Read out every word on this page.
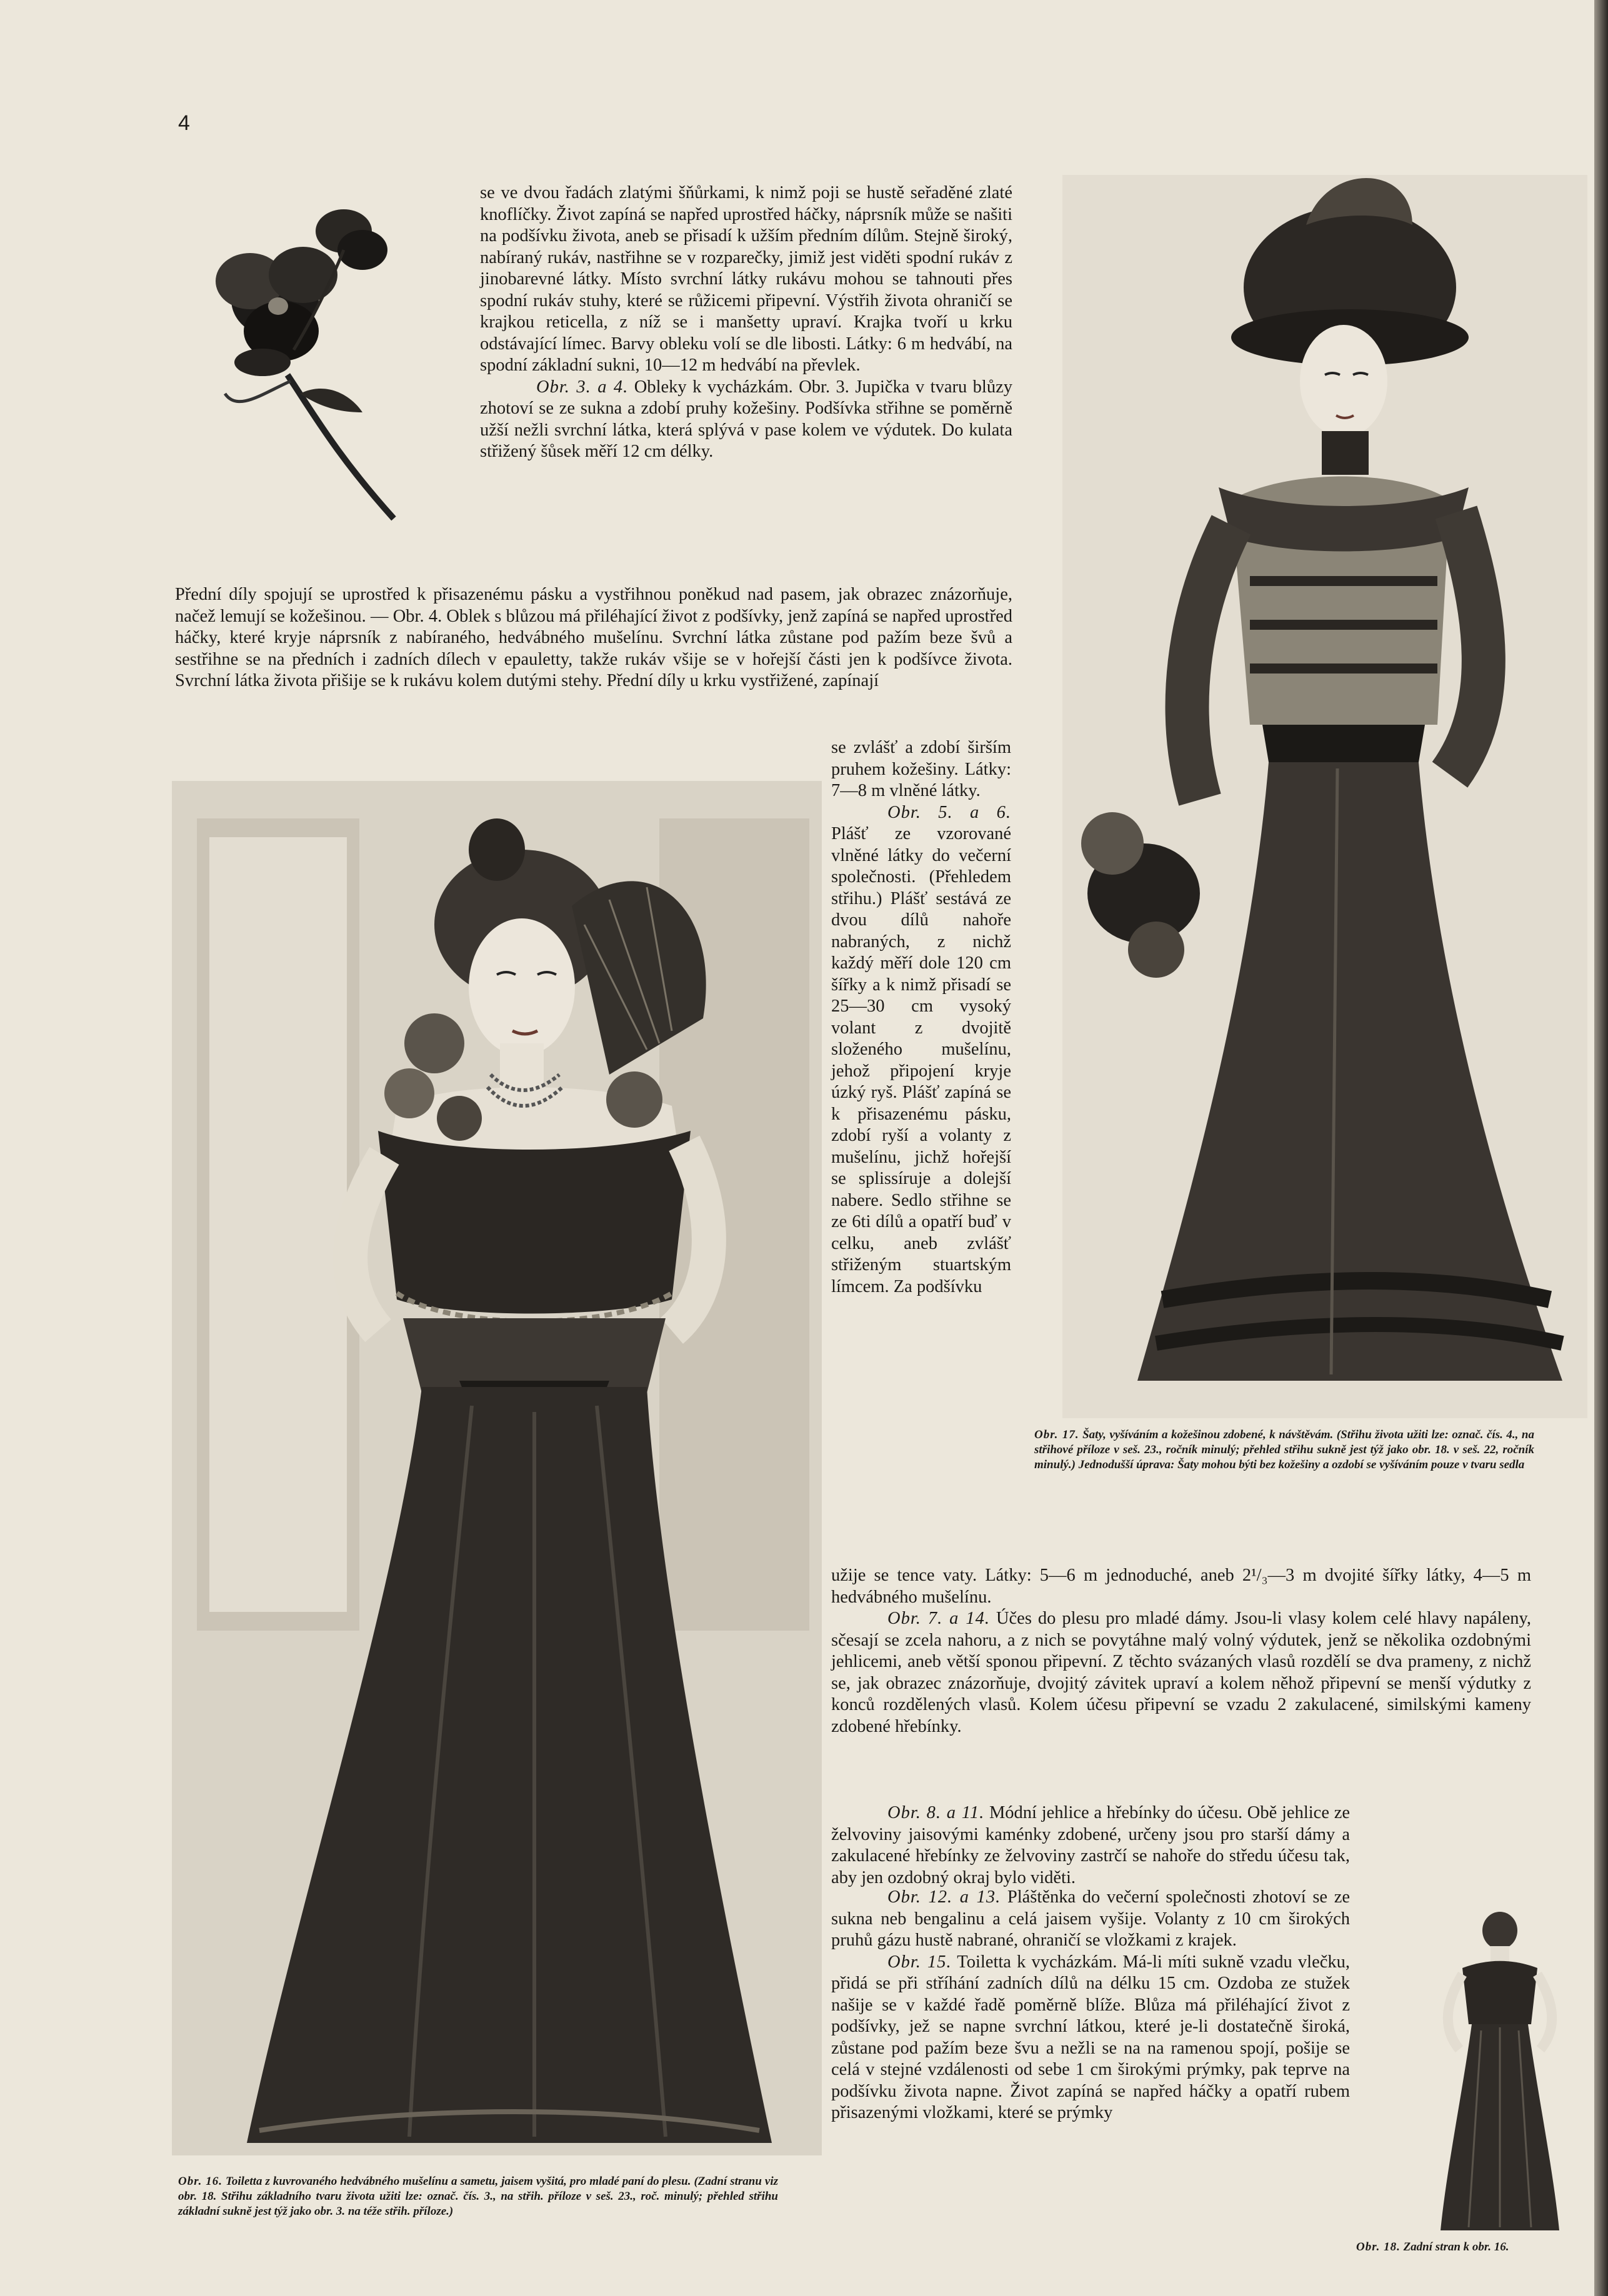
4

se ve dvou řadách zlatými šňůrkami, k nimž poji se hustě seřaděné zlaté knoflíčky. Život zapíná se napřed uprostřed háčky, náprsník může se našiti na podšívku života, aneb se přisadí k užším předním dílům. Stejně široký, nabíraný rukáv, nastřihne se v rozparečky, jimiž jest viděti spodní rukáv z jinobarevné látky. Místo svrchní látky rukávu mohou se tahnouti přes spodní rukáv stuhy, které se růžicemi připevní. Výstřih života ohraničí se krajkou reticella, z níž se i manšetty upraví. Krajka tvoří u krku odstávající límec. Barvy obleku volí se dle libosti. Látky: 6 m hedvábí, na spodní základní sukni, 10—12 m hedvábí na převlek.

Obr. 3. a 4. Obleky k vycházkám. Obr. 3. Jupička v tvaru blůzy zhotoví se ze sukna a zdobí pruhy kožešiny. Podšívka střihne se poměrně užší nežli svrchní látka, která splývá v pase kolem ve výdutek. Do kulata střižený šůsek měří 12 cm délky.

Přední díly spojují se uprostřed k přisazenému pásku a vystřihnou poněkud nad pasem, jak obrazec znázorňuje, načež lemují se kožešinou. — Obr. 4. Oblek s blůzou má přiléhající život z podšívky, jenž zapíná se napřed uprostřed háčky, které kryje náprsník z nabíraného, hedvábného mušelínu. Svrchní látka zůstane pod pažím beze švů a sestřihne se na předních i zadních dílech v epauletty, takže rukáv všije se v hořejší části jen k podšívce života. Svrchní látka života přišije se k rukávu kolem dutými stehy. Přední díly u krku vystřižené, zapínají

se zvlášť a zdobí širším pruhem kožešiny. Látky: 7—8 m vlněné látky.

Obr. 5. a 6. Plášť ze vzorované vlněné látky do večerní společnosti. (Přehledem střihu.) Plášť sestává ze dvou dílů nahoře nabraných, z nichž každý měří dole 120 cm šířky a k nimž přisadí se 25—30 cm vysoký volant z dvojitě složeného mušelínu, jehož připojení kryje úzký ryš. Plášť zapíná se k přisazenému pásku, zdobí ryší a volanty z mušelínu, jichž hořejší se splissíruje a dolejší nabere. Sedlo střihne se ze 6ti dílů a opatří buď v celku, aneb zvlášť střiženým stuartským límcem. Za podšívku

Obr. 17. Šaty, vyšíváním a kožešinou zdobené, k návštěvám. (Střihu života užiti lze: označ. čís. 4., na střihové příloze v seš. 23., ročník minulý; přehled střihu sukně jest týž jako obr. 18. v seš. 22, ročník minulý.) Jednodušší úprava: Šaty mohou býti bez kožešiny a ozdobí se vyšíváním pouze v tvaru sedla

užije se tence vaty. Látky: 5—6 m jednoduché, aneb 2¹/₃—3 m dvojité šířky látky, 4—5 m hedvábného mušelínu.

Obr. 7. a 14. Účes do plesu pro mladé dámy. Jsou-li vlasy kolem celé hlavy napáleny, sčesají se zcela nahoru, a z nich se povytáhne malý volný výdutek, jenž se několika ozdobnými jehlicemi, aneb větší sponou připevní. Z těchto svázaných vlasů rozdělí se dva prameny, z nichž se, jak obrazec znázorňuje, dvojitý závitek upraví a kolem něhož připevní se menší výdutky z konců rozdělených vlasů. Kolem účesu připevní se vzadu 2 zakulacené, similskými kameny zdobené hřebínky.

Obr. 8. a 11. Módní jehlice a hřebínky do účesu. Obě jehlice ze želvoviny jaisovými kaménky zdobené, určeny jsou pro starší dámy a zakulacené hřebínky ze želvoviny zastrčí se nahoře do středu účesu tak, aby jen ozdobný okraj bylo viděti.

Obr. 12. a 13. Pláštěnka do večerní společnosti zhotoví se ze sukna neb bengalinu a celá jaisem vyšije. Volanty z 10 cm širokých pruhů gázu hustě nabrané, ohraničí se vložkami z krajek.

Obr. 15. Toiletta k vycházkám. Má-li míti sukně vzadu vlečku, přidá se při stříhání zadních dílů na délku 15 cm. Ozdoba ze stužek našije se v každé řadě poměrně blíže. Blůza má přiléhající život z podšívky, jež se napne svrchní látkou, které je-li dostatečně široká, zůstane pod pažím beze švu a nežli se na na ramenou spojí, pošije se celá v stejné vzdálenosti od sebe 1 cm širokými prýmky, pak teprve na podšívku života napne. Život zapíná se napřed háčky a opatří rubem přisazenými vložkami, které se prýmky

Obr. 16. Toiletta z kuvrovaného hedvábného mušelínu a sametu, jaisem vyšitá, pro mladé paní do plesu. (Zadní stranu viz obr. 18. Střihu základního tvaru života užiti lze: označ. čís. 3., na střih. příloze v seš. 23., roč. minulý; přehled střihu základní sukně jest týž jako obr. 3. na téže střih. příloze.)
Obr. 18. Zadní stran k obr. 16.
